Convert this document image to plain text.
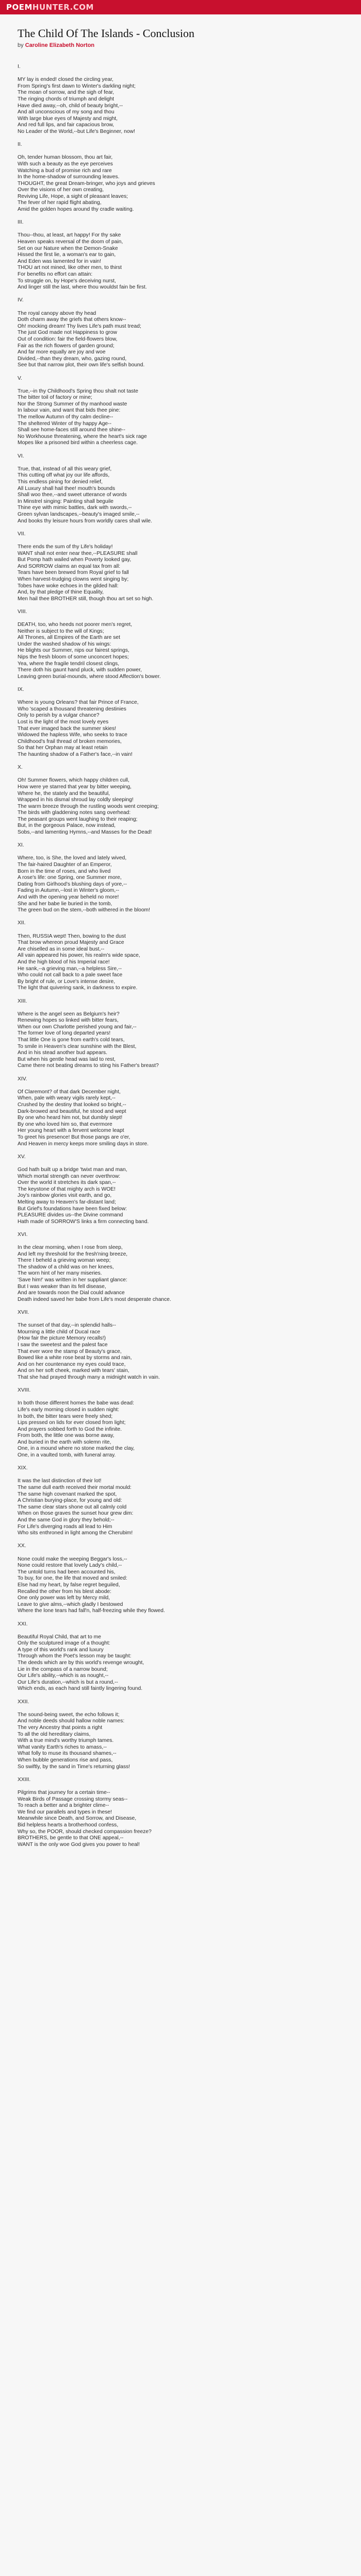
POEMHUNTER.COM
The Child Of The Islands - Conclusion
by Caroline Elizabeth Norton
I.
MY lay is ended! closed the circling year,
From Spring's first dawn to Winter's darkling night;
The moan of sorrow, and the sigh of fear,
The ringing chords of triumph and delight
Have died away,--oh, child of beauty bright,--
And all unconscious of my song and thou
With large blue eyes of Majesty and might,
And red full lips, and fair capacious brow,
No Leader of the World,--but Life's Beginner, now!
II.
Oh, tender human blossom, thou art fair,
With such a beauty as the eye perceives
Watching a bud of promise rich and rare
In the home-shadow of surrounding leaves.
THOUGHT, the great Dream-bringer, who joys and grieves
Over the visions of her own creating,
Reviving Life, Hope, a sight of pleasant leaves;
The fever of her rapid flight abating,
Amid the golden hopes around thy cradle waiting.
III.
Thou--thou, at least, art happy! For thy sake
Heaven speaks reversal of the doom of pain,
Set on our Nature when the Demon-Snake
Hissed the first lie, a woman's ear to gain,
And Eden was lamented for in vain!
THOU art not mined, like other men, to thirst
For benefits no effort can attain:
To struggle on, by Hope's deceiving nurst,
And linger still the last, where thou wouldst fain be first.
IV.
The royal canopy above thy head
Doth charm away the griefs that others know--
Oh! mocking dream! Thy lives Life's path must tread;
The just God made not Happiness to grow
Out of condition: fair the field-flowers blow,
Fair as the rich flowers of garden ground;
And far more equally are joy and woe
Divided,--than they dream, who, gazing round,
See but that narrow plot, their own life's selfish bound.
V.
True,--in thy Childhood's Spring thou shalt not taste
The bitter toil of factory or mine;
Nor the Strong Summer of thy manhood waste
In labour vain, and want that bids thee pine:
The mellow Autumn of thy calm decline--
The sheltered Winter of thy happy Age--
Shall see home-faces still around thee shine--
No Workhouse threatening, where the heart's sick rage
Mopes like a prisoned bird within a cheerless cage.
VI.
True, that, instead of all this weary grief,
This cutting off what joy our life affords,
This endless pining for denied relief,
All Luxury shall hail thee! mouth's bounds
Shall woo thee,--and sweet utterance of words
In Minstrel singing: Painting shall beguile
Thine eye with mimic battles, dark with swords,--
Green sylvan landscapes,--beauty's imaged smile,--
And books thy leisure hours from worldly cares shall wile.
VII.
There ends the sum of thy Life's holiday!
WANT shall not enter near thee,--PLEASURE shall
But Pomp hath wailed when Poverty looked gay,
And SORROW claims an equal tax from all:
Tears have been brewed from Royal grief to fall
When harvest-trudging clowns went singing by;
Tobes have woke echoes in the gilded hall:
And, by that pledge of thine Equality,
Men hail thee BROTHER still, though thou art set so high.
VIII.
DEATH, too, who heeds not poorer men's regret,
Neither is subject to the will of Kings;
All Thrones, all Empires of the Earth are set
Under the washed shadow of his wings:
He blights our Summer, nips our fairest springs,
Nips the fresh bloom of some unconcert hopes;
Yea, where the fragile tendril closest clings,
There doth his gaunt hand pluck, with sudden power,
Leaving green burial-mounds, where stood Affection's bower.
IX.
Where is young Orleans? that fair Prince of France,
Who 'scaped a thousand threatening destinies
Only to perish by a vulgar chance?
Lost is the light of the most lovely eyes
That ever imaged back the summer skies!
Widowed the hapless Wife, who seeks to trace
Childhood's frail thread of broken memories,
So that her Orphan may at least retain
The haunting shadow of a Father's face,--in vain!
X.
Oh! Summer flowers, which happy children cull,
How were ye starred that year by bitter weeping,
Where he, the stately and the beautiful,
Wrapped in his dismal shroud lay coldly sleeping!
The warm breeze through the rustling woods went creeping;
The birds with gladdening notes sang overhead:
The peasant groups went laughing to their reaping;
But, in the gorgeous Palace, now instead,
Sobs,--and lamenting Hymns,--and Masses for the Dead!
XI.
Where, too, is She, the loved and lately wived,
The fair-haired Daughter of an Emperor,
Born in the time of roses, and who lived
A rose's life: one Spring, one Summer more,
Dating from Girlhood's blushing days of yore,--
Fading in Autumn,--lost in Winter's gloom,--
And with the opening year beheld no more!
She and her babe lie buried in the tomb,
The green bud on the stem,--both withered in the bloom!
XII.
Then, RUSSIA wept! Then, bowing to the dust
That brow whereon proud Majesty and Grace
Are chiselled as in some ideal bust,--
All vain appeared his power, his realm's wide space,
And the high blood of his Imperial race!
He sank,--a grieving man,--a helpless Sire,--
Who could not call back to a pale sweet face
By bright of rule, or Love's intense desire,
The light that quivering sank, in darkness to expire.
XIII.
Where is the angel seen as Belgium's heir?
Renewing hopes so linked with bitter fears,
When our own Charlotte perished young and fair,--
The former love of long departed years!
That little One is gone from earth's cold tears,
To smile in Heaven's clear sunshine with the Blest,
And in his stead another bud appears.
But when his gentle head was laid to rest,
Came there not beating dreams to sting his Father's breast?
XIV.
Of Claremont? of that dark December night,
When, pale with weary vigils rarely kept,--
Crushed by the destiny that looked so bright,--
Dark-browed and beautiful, he stood and wept
By one who heard him not, but dumbly slept!
By one who loved him so, that evermore
Her young heart with a fervent welcome leapt
To greet his presence! But those pangs are o'er,
And Heaven in mercy keeps more smiling days in store.
XV.
God hath built up a bridge 'twixt man and man,
Which mortal strength can never overthrow:
Over the world it stretches its dark span,--
The keystone of that mighty arch is WOE!
Joy's rainbow glories visit earth, and go,
Melting away to Heaven's far-distant land;
But Grief's foundations have been fixed below:
PLEASURE divides us--the Divine command
Hath made of SORROW'S links a firm connecting band.
XVI.
In the clear morning, when I rose from sleep,
And left my threshold for the fresh'ning breeze,
There I beheld a grieving woman weep;
The shadow of a child was on her knees,
The worn hint of her many miseries.
'Save him!' was written in her suppliant glance:
But I was weaker than its fell disease,
And are towards noon the Dial could advance
Death indeed saved her babe from Life's most desperate chance.
XVII.
The sunset of that day,--in splendid halls--
Mourning a little child of Ducal race
(How fair the picture Memory recalls!)
I saw the sweetest and the palest face
That ever wore the stamp of Beauty's grace,
Bowed like a white rose beat by storms and rain,
And on her countenance my eyes could trace,
And on her soft cheek, marked with tears' stain,
That she had prayed through many a midnight watch in vain.
XVIII.
In both those different homes the babe was dead:
Life's early morning closed in sudden night:
In both, the bitter tears were freely shed;
Lips pressed on lids for ever closed from light;
And prayers sobbed forth to God the infinite.
From both, the little one was borne away,
And buried in the earth with solemn rite,
One, in a mound where no stone marked the clay,
One, in a vaulted tomb, with funeral array.
XIX.
It was the last distinction of their lot!
The same dull earth received their mortal mould:
The same high covenant marked the spot,
A Christian burying-place, for young and old:
The same clear stars shone out all calmly cold
When on those graves the sunset hour grew dim:
And the same God in glory they behold;--
For Life's diverging roads all lead to Him
Who sits enthroned in light among the Cherubim!
XX.
None could make the weeping Beggar's loss,--
None could restore that lovely Lady's child,--
The untold turns had been accounted his,
To buy, for one, the life that moved and smiled:
Else had my heart, by false regret beguiled,
Recalled the other from his blest abode:
One only power was left by Mercy mild,
Leave to give alms,--which gladly I bestowed
Where the lone tears had fall'n, half-freezing while they flowed.
XXI.
Beautiful Royal Child, that art to me
Only the sculptured image of a thought:
A type of this world's rank and luxury
Through whom the Poet's lesson may be taught:
The deeds which are by this world's revenge wrought,
Lie in the compass of a narrow bound;
Our Life's ability,--which is as nought,--
Our Life's duration,--which is but a round,--
Which ends, as each hand still faintly lingering found.
XXII.
The sound-being sweet, the echo follows it;
And noble deeds should hallow noble names:
The very Ancestry that points a right
To all the old hereditary claims,
With a true mind's worthy triumph tames.
What vanity Earth's riches to amass,--
What folly to muse its thousand shames,--
When bubble generations rise and pass,
So swiftly, by the sand in Time's returning glass!
XXIII.
Pilgrims that journey for a certain time--
Weak Birds of Passage crossing stormy seas--
To reach a better and a brighter clime--
We find our parallels and types in these!
Meanwhile since Death, and Sorrow, and Disease,
Bid helpless hearts a brotherhood confess,
Why so, the POOR, should checked compassion freeze?
BROTHERS, be gentle to that ONE appeal,--
WANT is the only woe God gives you power to heal!
